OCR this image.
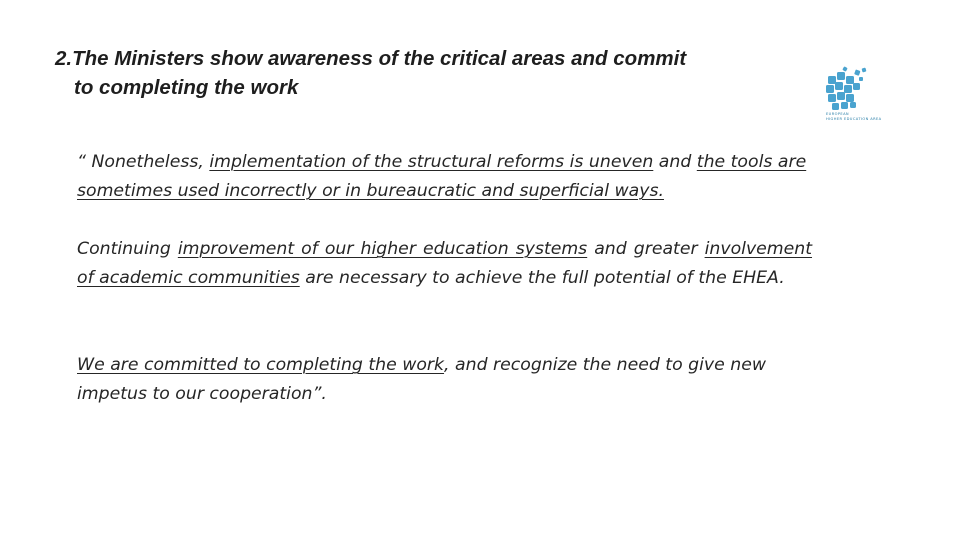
2.The Ministers show awareness of the critical areas and commit
to completing the work
EUROPEAN
HIGHER EDUCATION AREA

“ Nonetheless, implementation of the structural reforms is uneven and the tools are sometimes used incorrectly or in bureaucratic and superficial ways.

Continuing improvement of our higher education systems and greater involvement of academic communities are necessary to achieve the full potential of the EHEA.

We are committed to completing the work, and recognize the need to give new impetus to our cooperation”.
